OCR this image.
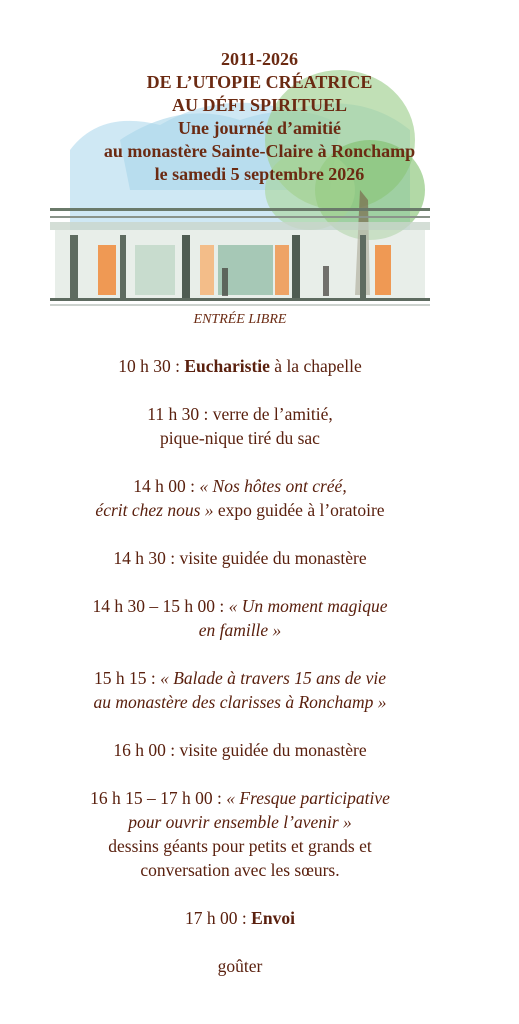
2011-2026
DE L’UTOPIE CRÉATRICE
AU DÉFI SPIRITUEL
Une journée d’amitié
au monastère Sainte-Claire à Ronchamp
le samedi 5 septembre 2026
ENTRÉE LIBRE
10 h 30 : Eucharistie à la chapelle
11 h 30 : verre de l’amitié,
pique-nique tiré du sac
14 h 00 : « Nos hôtes ont créé,
écrit chez nous » expo guidée à l’oratoire
14 h 30 : visite guidée du monastère
14 h 30 – 15 h 00 : « Un moment magique
en famille »
15 h 15 : « Balade à travers 15 ans de vie
au monastère des clarisses à Ronchamp »
16 h 00 : visite guidée du monastère
16 h 15 – 17 h 00 : « Fresque participative
pour ouvrir ensemble l’avenir »
dessins géants pour petits et grands et
conversation avec les sœurs.
17 h 00 : Envoi
goûter
